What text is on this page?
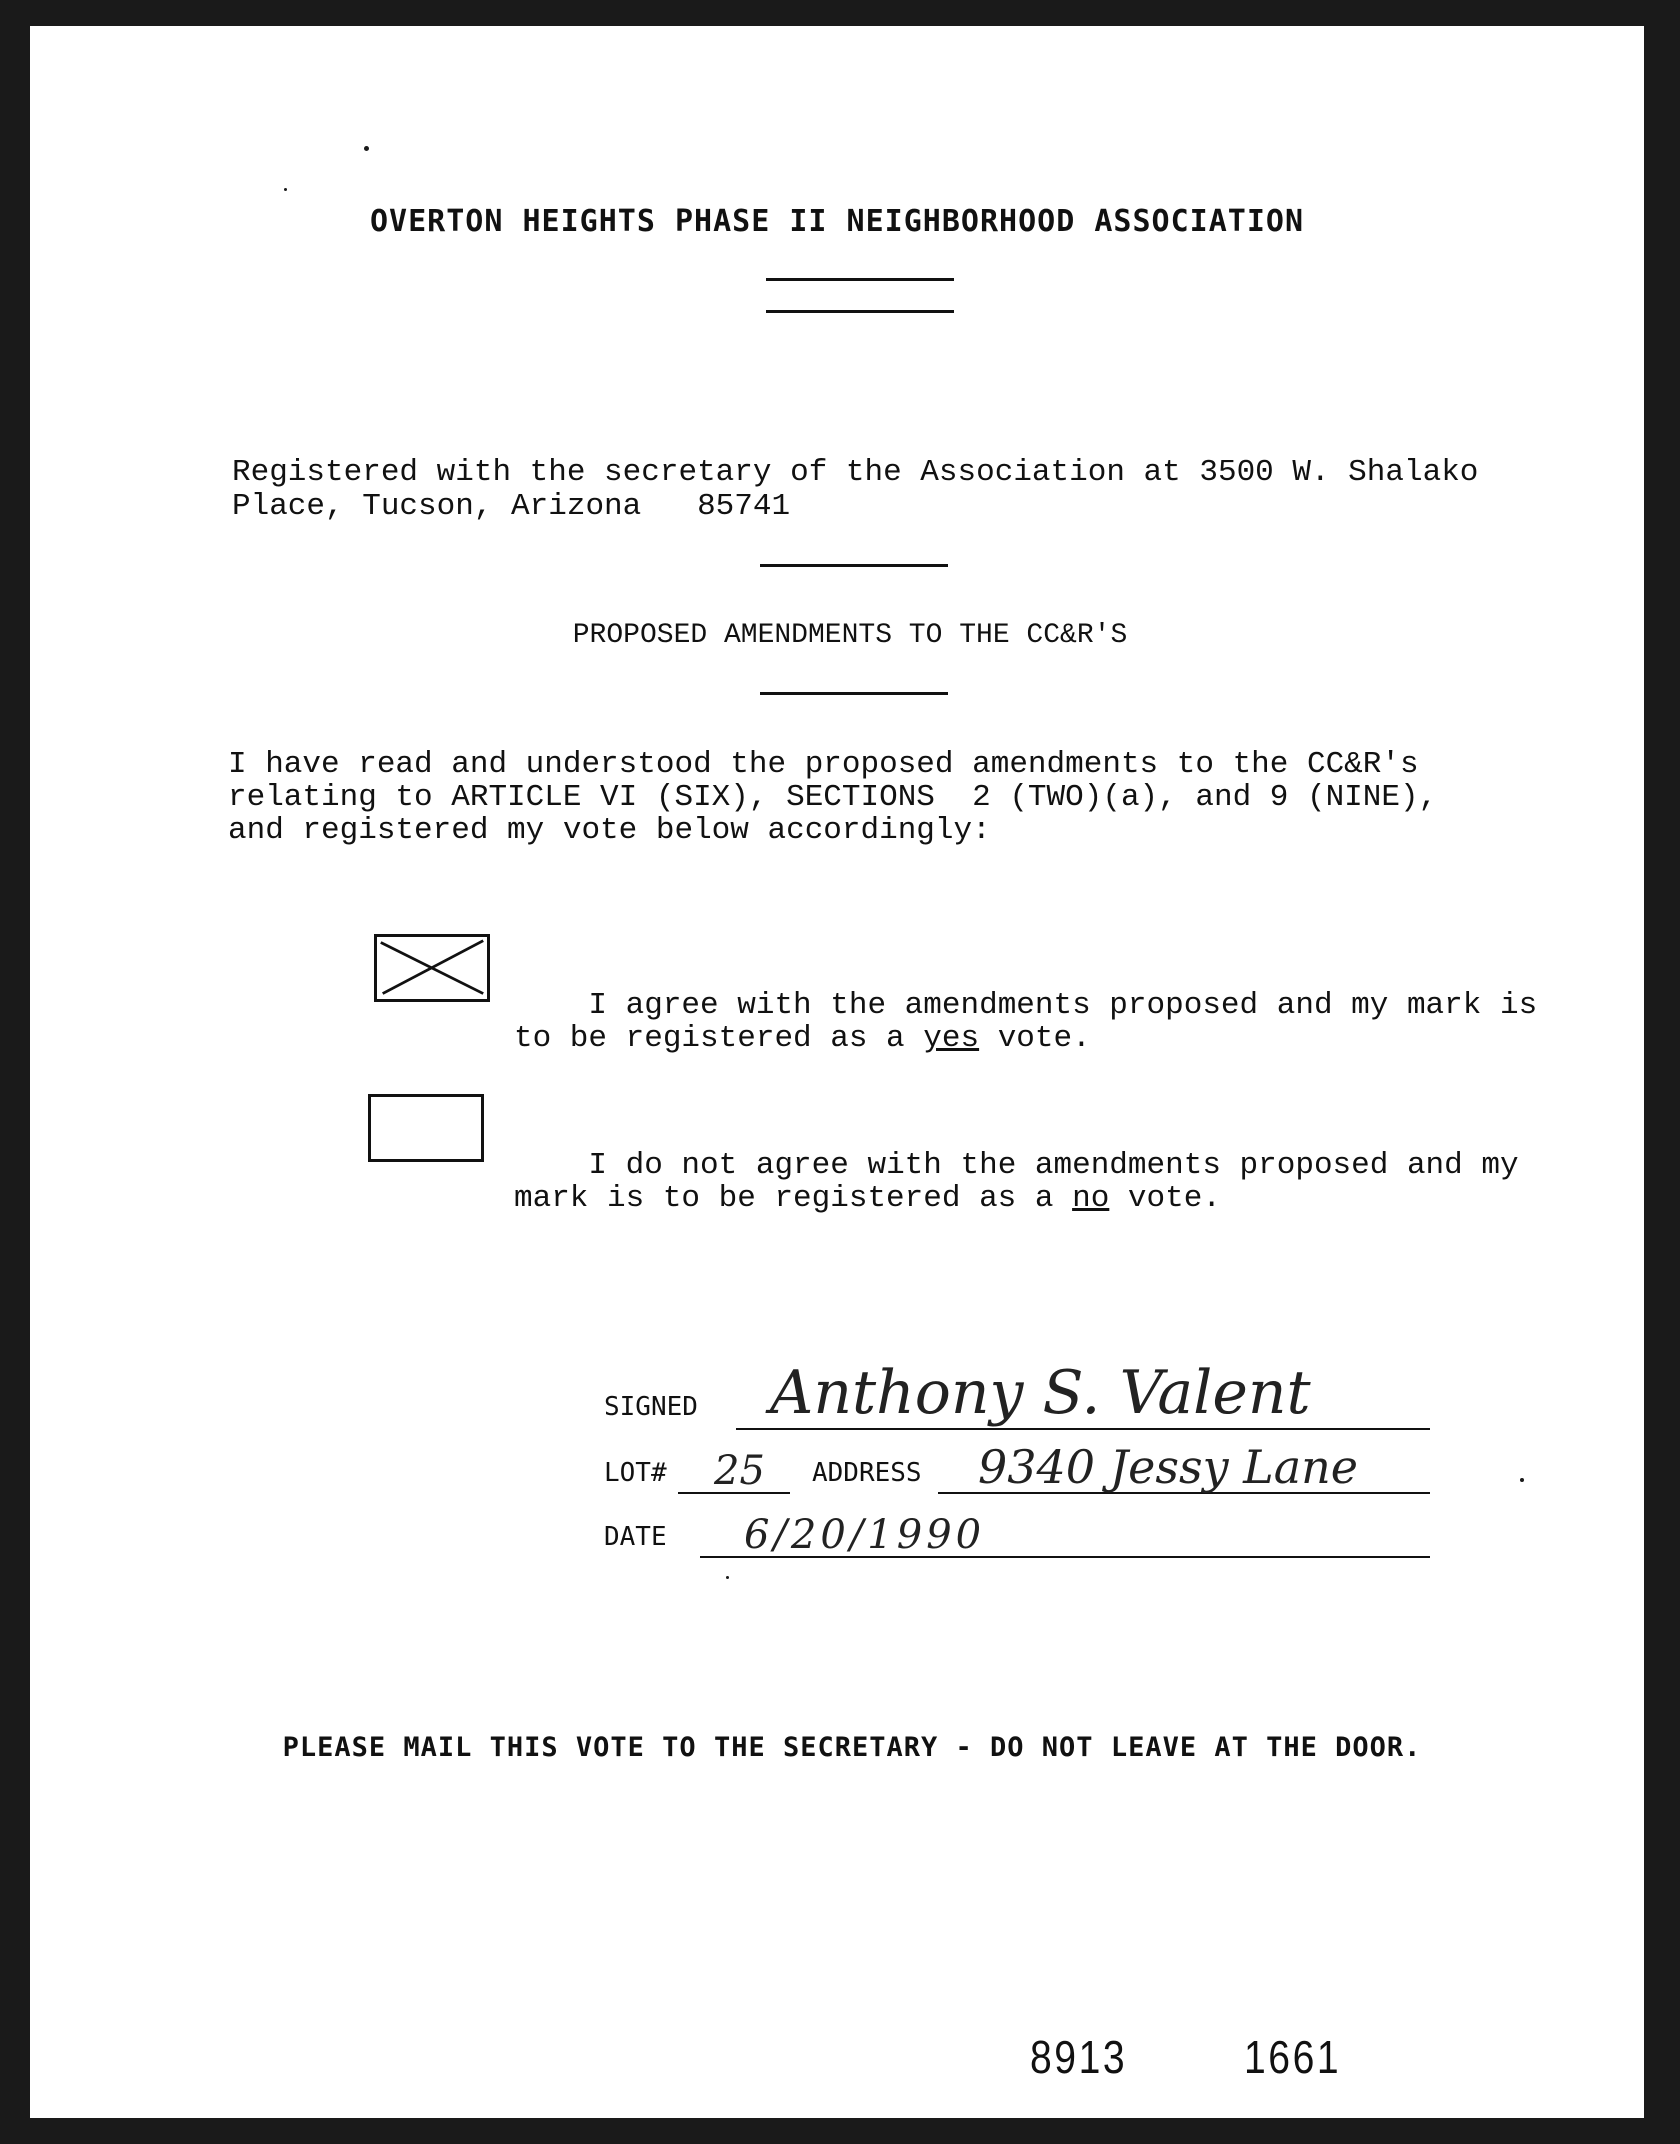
OVERTON HEIGHTS PHASE II NEIGHBORHOOD ASSOCIATION
Registered with the secretary of the Association at 3500 W. Shalako
Place, Tucson, Arizona   85741
PROPOSED AMENDMENTS TO THE CC&R'S
I have read and understood the proposed amendments to the CC&R's
relating to ARTICLE VI (SIX), SECTIONS  2 (TWO)(a), and 9 (NINE),
and registered my vote below accordingly:

I agree with the amendments proposed and my mark is
to be registered as a yes vote.

I do not agree with the amendments proposed and my
mark is to be registered as a no vote.

SIGNED Anthony S. Valent
LOT# 25 ADDRESS 9340 Jessy Lane
DATE 6/20/1990
PLEASE MAIL THIS VOTE TO THE SECRETARY - DO NOT LEAVE AT THE DOOR.
8913	1661
